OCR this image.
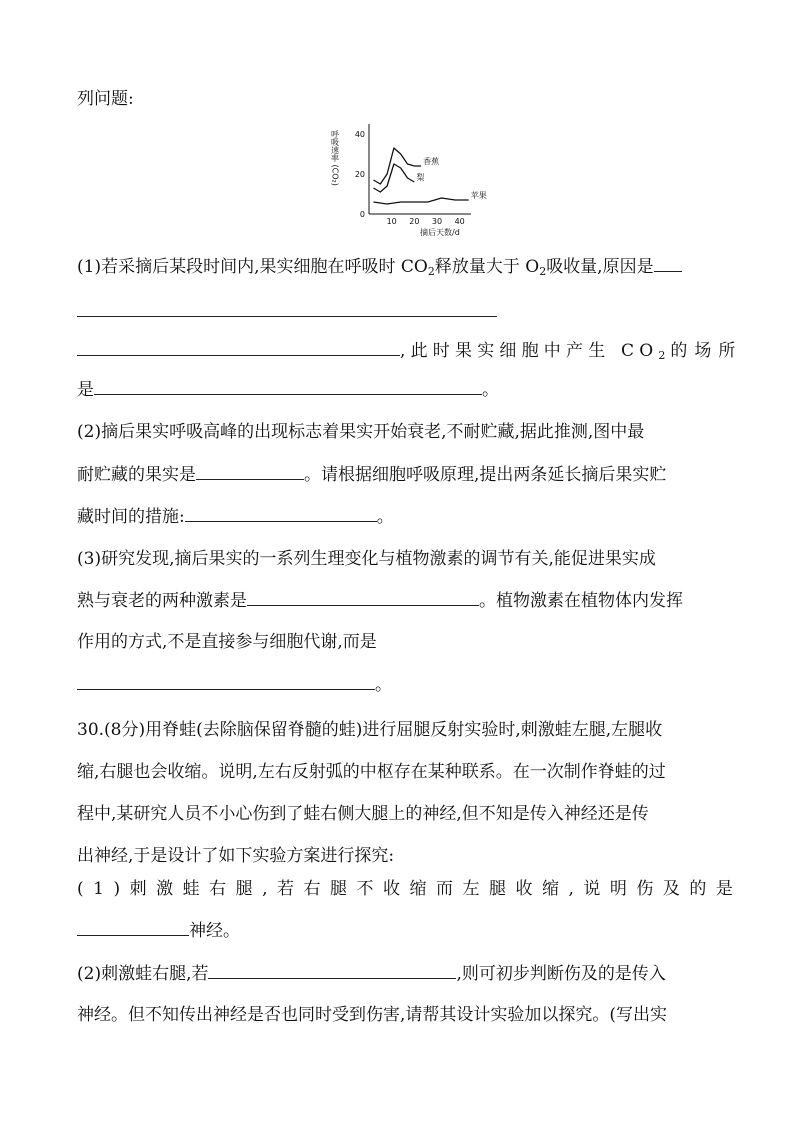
列问题:
呼吸速率 (CO₂)
0
20
40
10 20 30 40
香蕉
梨
苹果
摘后天数/d
(1)若采摘后某段时间内,果实细胞在呼吸时 $CO_2$释放量大于 $O_2$吸收量,原因是
,此时果实细胞中产生 $CO_2$ 的场所
是	。
(2)摘后果实呼吸高峰的出现标志着果实开始衰老,不耐贮藏,据此推测,图中最
耐贮藏的果实是	。请根据细胞呼吸原理,提出两条延长摘后果实贮
藏时间的措施:	。
(3)研究发现,摘后果实的一系列生理变化与植物激素的调节有关,能促进果实成
熟与衰老的两种激素是	。植物激素在植物体内发挥
作用的方式,不是直接参与细胞代谢,而是
。
30.(8分)用脊蛙(去除脑保留脊髓的蛙)进行屈腿反射实验时,刺激蛙左腿,左腿收
缩,右腿也会收缩。说明,左右反射弧的中枢存在某种联系。在一次制作脊蛙的过
程中,某研究人员不小心伤到了蛙右侧大腿上的神经,但不知是传入神经还是传
出神经,于是设计了如下实验方案进行探究:
(1)刺激蛙右腿,若右腿不收缩而左腿收缩,说明伤及的是
神经。
(2)刺激蛙右腿,若	,则可初步判断伤及的是传入
神经。但不知传出神经是否也同时受到伤害,请帮其设计实验加以探究。(写出实
